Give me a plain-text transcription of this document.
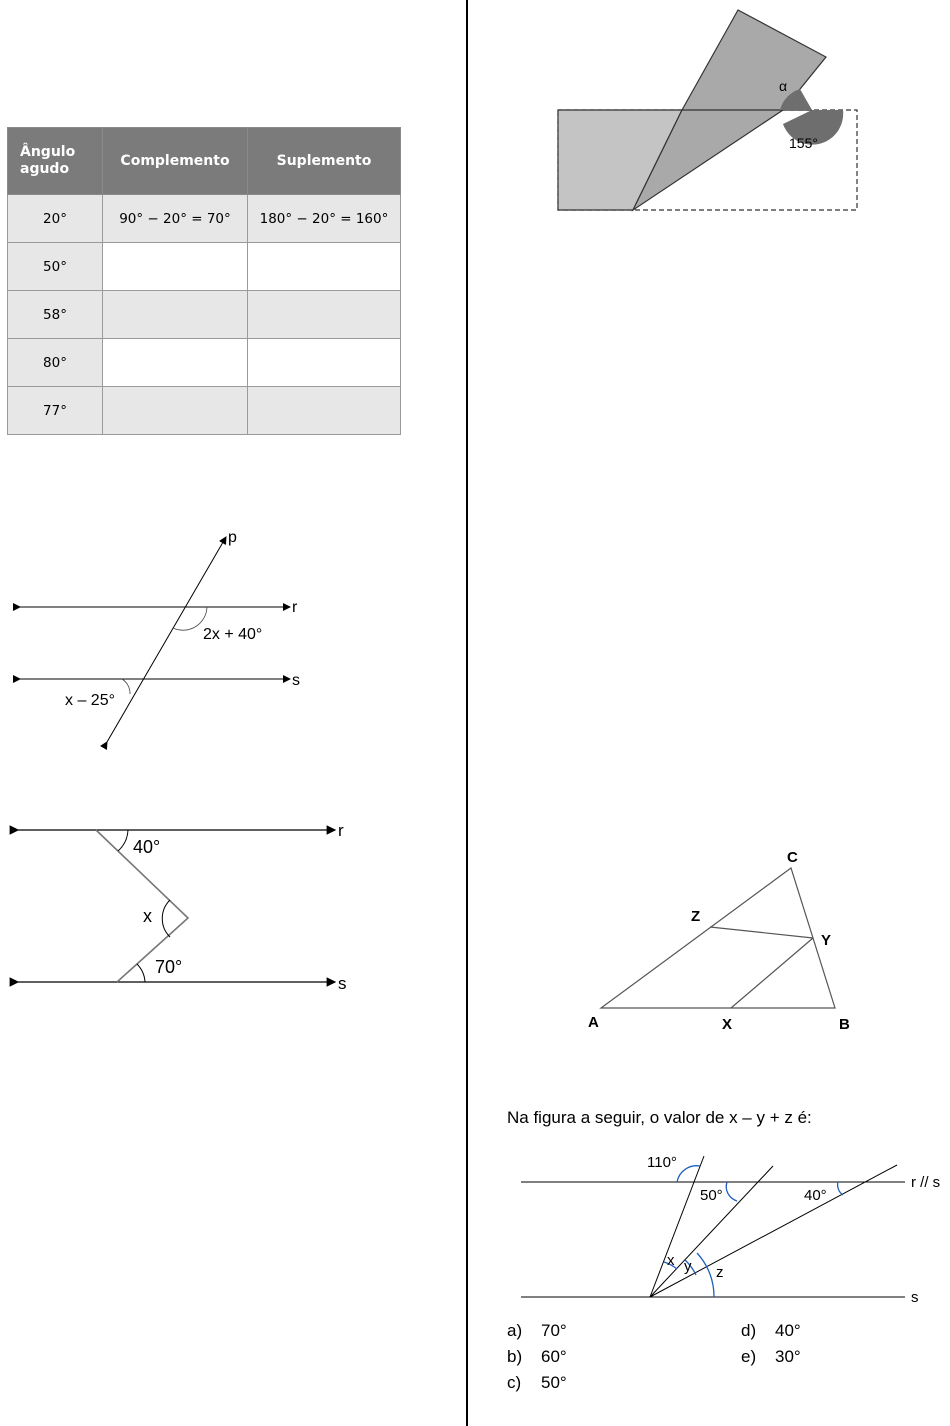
Ângulo agudo	Complemento	Suplemento
20°	90° − 20° = 70°	180° − 20° = 160°
50°		
58°		
80°		
77°		
p
r
s
2x + 40°
x – 25°
r
s
40°
x
70°
α
155°
A	B
C
X
Y
Z
Na figura a seguir, o valor de x – y + z é:
110°
50°	40°
r // s
s
x y z
a) 70°
b) 60°
c) 50°
d) 40°
e) 30°
